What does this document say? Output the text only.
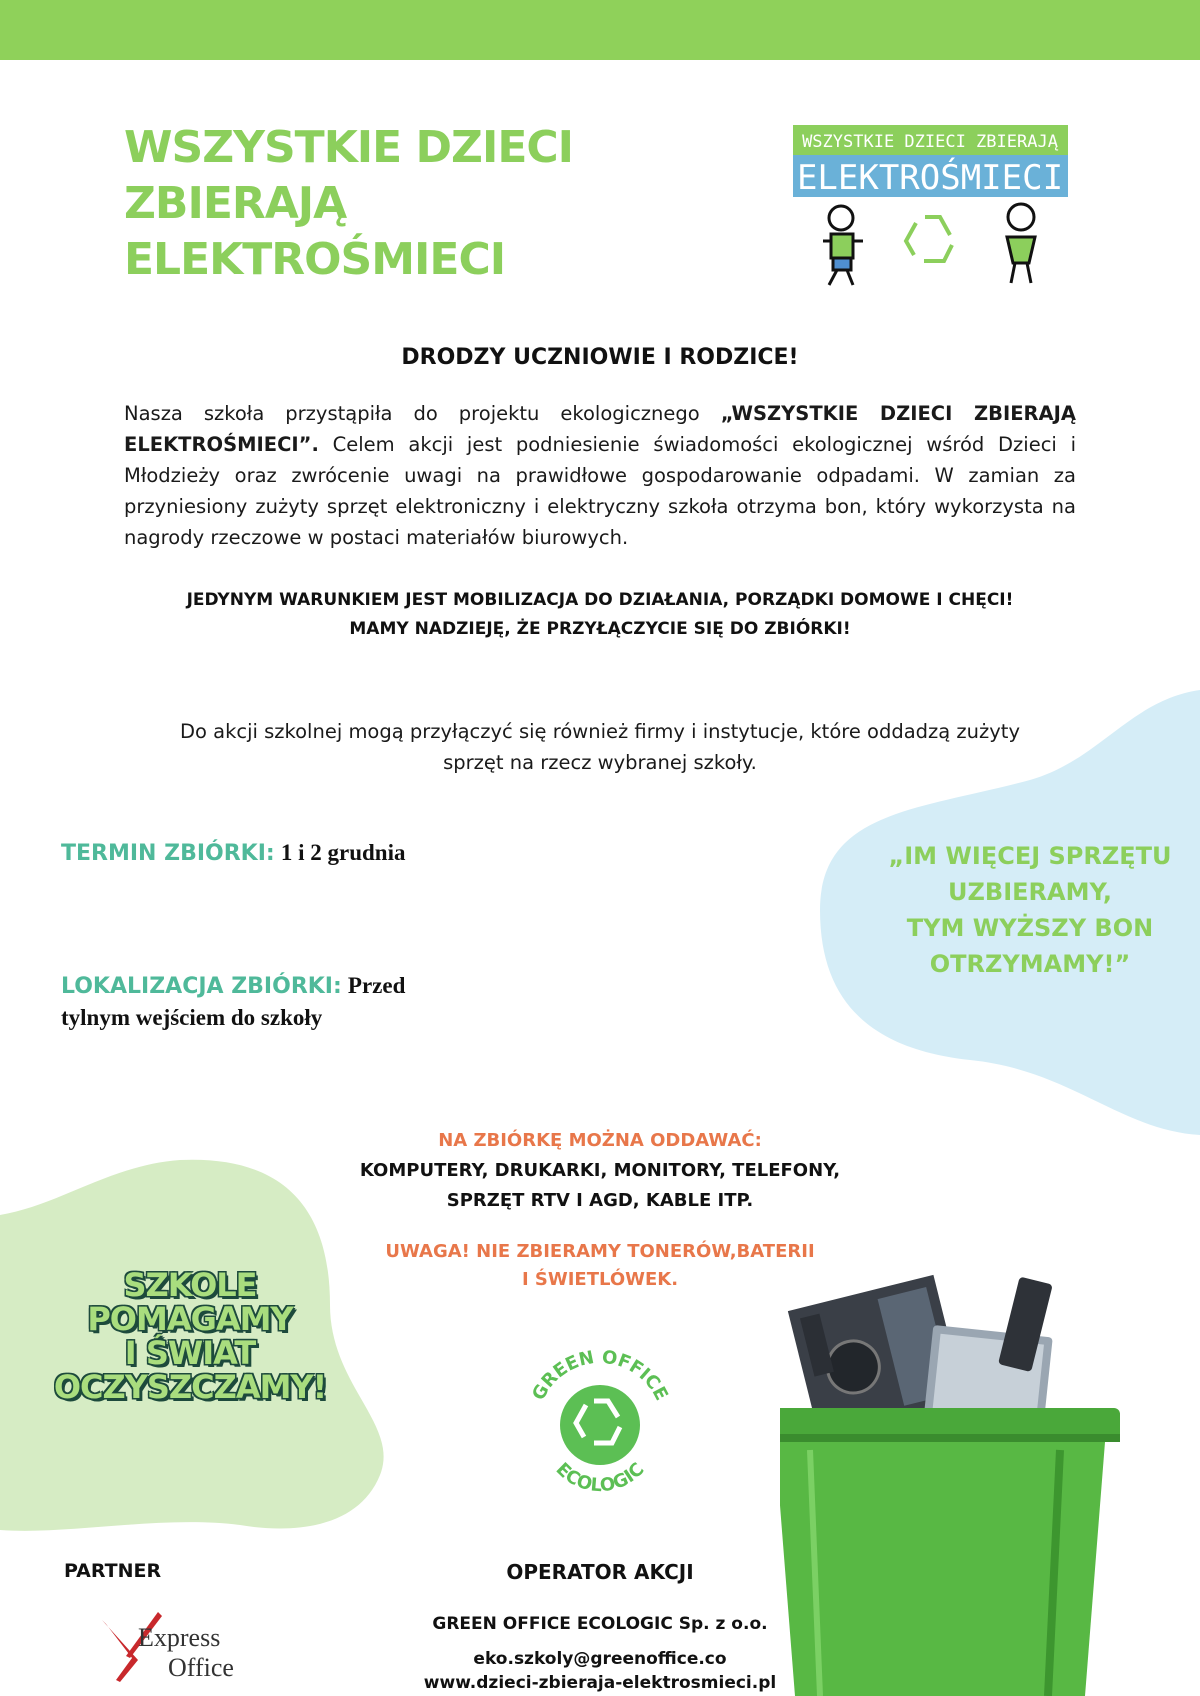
WSZYSTKIE DZIECI
ZBIERAJĄ
ELEKTROŚMIECI
WSZYSTKIE DZIECI ZBIERAJĄ
ELEKTROŚMIECI
DRODZY UCZNIOWIE I RODZICE!
Nasza szkoła przystąpiła do projektu ekologicznego „WSZYSTKIE DZIECI ZBIERAJĄ ELEKTROŚMIECI”. Celem akcji jest podniesienie świadomości ekologicznej wśród Dzieci i Młodzieży oraz zwrócenie uwagi na prawidłowe gospodarowanie odpadami. W zamian za przyniesiony zużyty sprzęt elektroniczny i elektryczny szkoła otrzyma bon, który wykorzysta na nagrody rzeczowe w postaci materiałów biurowych.
JEDYNYM WARUNKIEM JEST MOBILIZACJA DO DZIAŁANIA, PORZĄDKI DOMOWE I CHĘCI!
MAMY NADZIEJĘ, ŻE PRZYŁĄCZYCIE SIĘ DO ZBIÓRKI!
Do akcji szkolnej mogą przyłączyć się również firmy i instytucje, które oddadzą zużyty
sprzęt na rzecz wybranej szkoły.
„IM WIĘCEJ SPRZĘTU
UZBIERAMY,
TYM WYŻSZY BON
OTRZYMAMY!”
TERMIN ZBIÓRKI: 1 i 2 grudnia
LOKALIZACJA ZBIÓRKI: Przed
tylnym wejściem do szkoły
NA ZBIÓRKĘ MOŻNA ODDAWAĆ:
KOMPUTERY, DRUKARKI, MONITORY, TELEFONY,
SPRZĘT RTV I AGD, KABLE ITP.
UWAGA! NIE ZBIERAMY TONERÓW,BATERII
I ŚWIETLÓWEK.
SZKOLE
POMAGAMY
I ŚWIAT
OCZYSZCZAMY!	GREEN OFFICE
ECOLOGIC
PARTNER
Express
Office
OPERATOR AKCJI
GREEN OFFICE ECOLOGIC Sp. z o.o.
eko.szkoly@greenoffice.co
www.dzieci-zbieraja-elektrosmieci.pl
